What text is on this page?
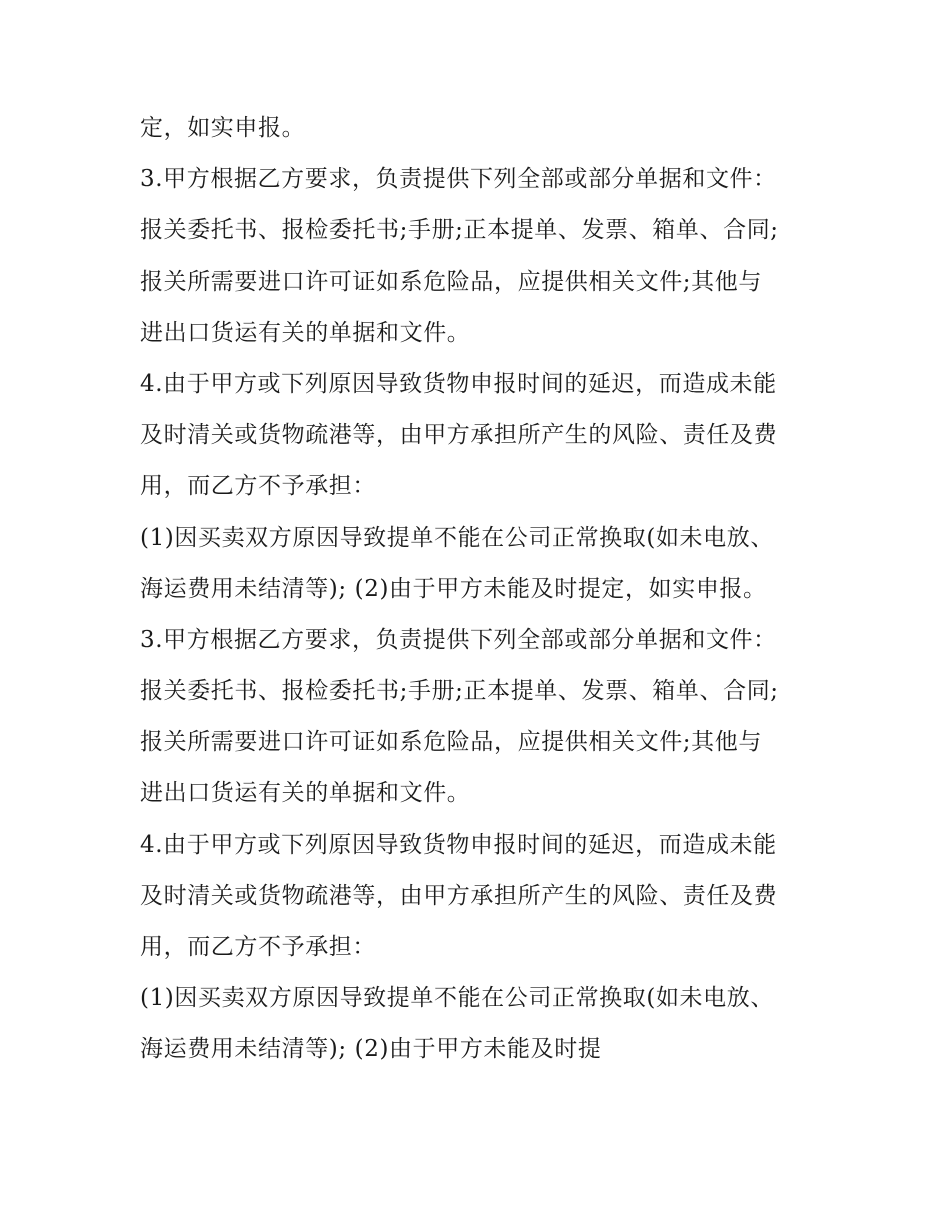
定，如实申报。
3.甲方根据乙方要求，负责提供下列全部或部分单据和文件：
报关委托书、报检委托书;手册;正本提单、发票、箱单、合同;
报关所需要进口许可证如系危险品，应提供相关文件;其他与
进出口货运有关的单据和文件。
4.由于甲方或下列原因导致货物申报时间的延迟，而造成未能
及时清关或货物疏港等，由甲方承担所产生的风险、责任及费
用，而乙方不予承担：
(1)因买卖双方原因导致提单不能在公司正常换取(如未电放、
海运费用未结清等); (2)由于甲方未能及时提定，如实申报。
3.甲方根据乙方要求，负责提供下列全部或部分单据和文件：
报关委托书、报检委托书;手册;正本提单、发票、箱单、合同;
报关所需要进口许可证如系危险品，应提供相关文件;其他与
进出口货运有关的单据和文件。
4.由于甲方或下列原因导致货物申报时间的延迟，而造成未能
及时清关或货物疏港等，由甲方承担所产生的风险、责任及费
用，而乙方不予承担：
(1)因买卖双方原因导致提单不能在公司正常换取(如未电放、
海运费用未结清等); (2)由于甲方未能及时提
